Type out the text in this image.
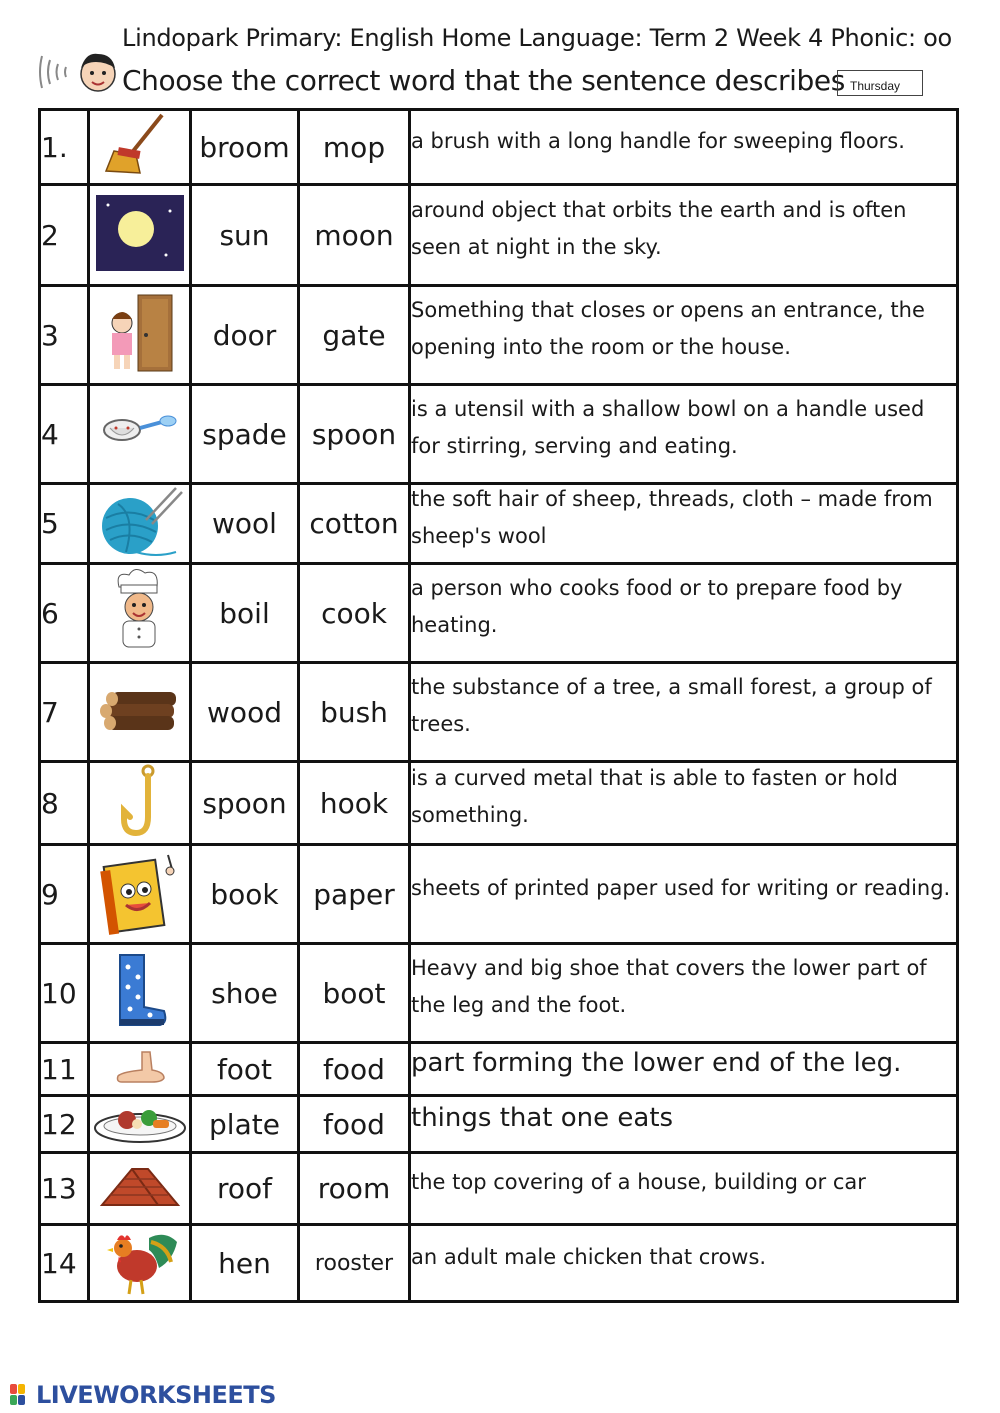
Lindopark Primary: English Home Language: Term 2 Week 4 Phonic: oo
Choose the correct word that the sentence describes Thursday
1.		broom	mop	a brush with a long handle for sweeping floors.

2		sun	moon	around object that orbits the earth and is often seen at night in the sky.

3		door	gate	Something that closes or opens an entrance, the opening into the room or the house.

4		spade	spoon	is a utensil with a shallow bowl on a handle used for stirring, serving and eating.

5		wool	cotton	the soft hair of sheep, threads, cloth – made from sheep's wool

6		boil	cook	a person who cooks food or to prepare food by heating.

7		wood	bush	the substance of a tree, a small forest, a group of trees.

8		spoon	hook	is a curved metal that is able to fasten or hold something.

9		book	paper	sheets of printed paper used for writing or reading.

10		shoe	boot	Heavy and big shoe that covers the lower part of the leg and the foot.

11		foot	food	part forming the lower end of the leg.

12		plate	food	things that one eats

13		roof	room	the top covering of a house, building or car

14		hen	rooster	an adult male chicken that crows.
LIVEWORKSHEETS
